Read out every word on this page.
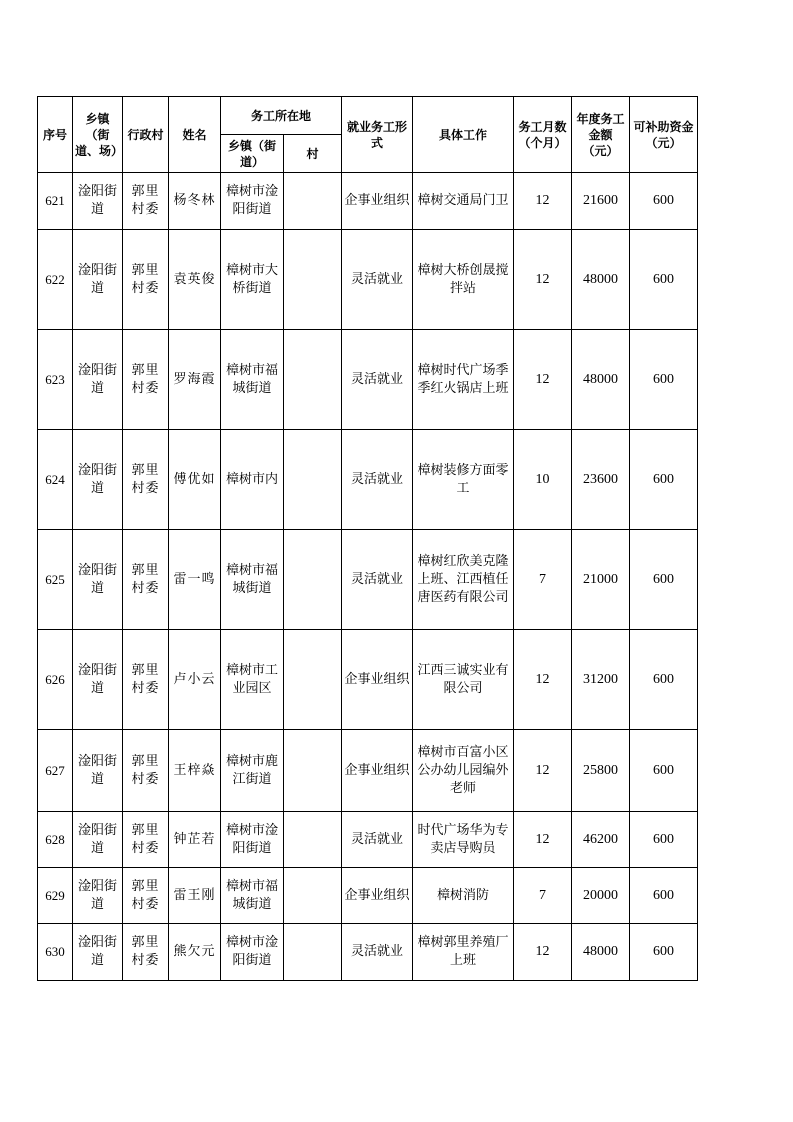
序号	乡镇（街道、场）	行政村	姓名	务工所在地		就业务工形式	具体工作	务工月数（个月）	年度务工金额（元）	可补助资金（元）
				乡镇（街道）	村					
621	淦阳街道	郭里村委	杨冬林	樟树市淦阳街道		企事业组织	樟树交通局门卫	12	21600	600
622	淦阳街道	郭里村委	袁英俊	樟树市大桥街道		灵活就业	樟树大桥创晟搅拌站	12	48000	600
623	淦阳街道	郭里村委	罗海霞	樟树市福城街道		灵活就业	樟树时代广场季季红火锅店上班	12	48000	600
624	淦阳街道	郭里村委	傅优如	樟树市内		灵活就业	樟树装修方面零工	10	23600	600
625	淦阳街道	郭里村委	雷一鸣	樟树市福城街道		灵活就业	樟树红欣美克隆上班、江西植任唐医药有限公司	7	21000	600
626	淦阳街道	郭里村委	卢小云	樟树市工业园区		企事业组织	江西三诚实业有限公司	12	31200	600
627	淦阳街道	郭里村委	王梓焱	樟树市鹿江街道		企事业组织	樟树市百富小区公办幼儿园编外老师	12	25800	600
628	淦阳街道	郭里村委	钟芷若	樟树市淦阳街道		灵活就业	时代广场华为专卖店导购员	12	46200	600
629	淦阳街道	郭里村委	雷王刚	樟树市福城街道		企事业组织	樟树消防	7	20000	600
630	淦阳街道	郭里村委	熊欠元	樟树市淦阳街道		灵活就业	樟树郭里养殖厂上班	12	48000	600
